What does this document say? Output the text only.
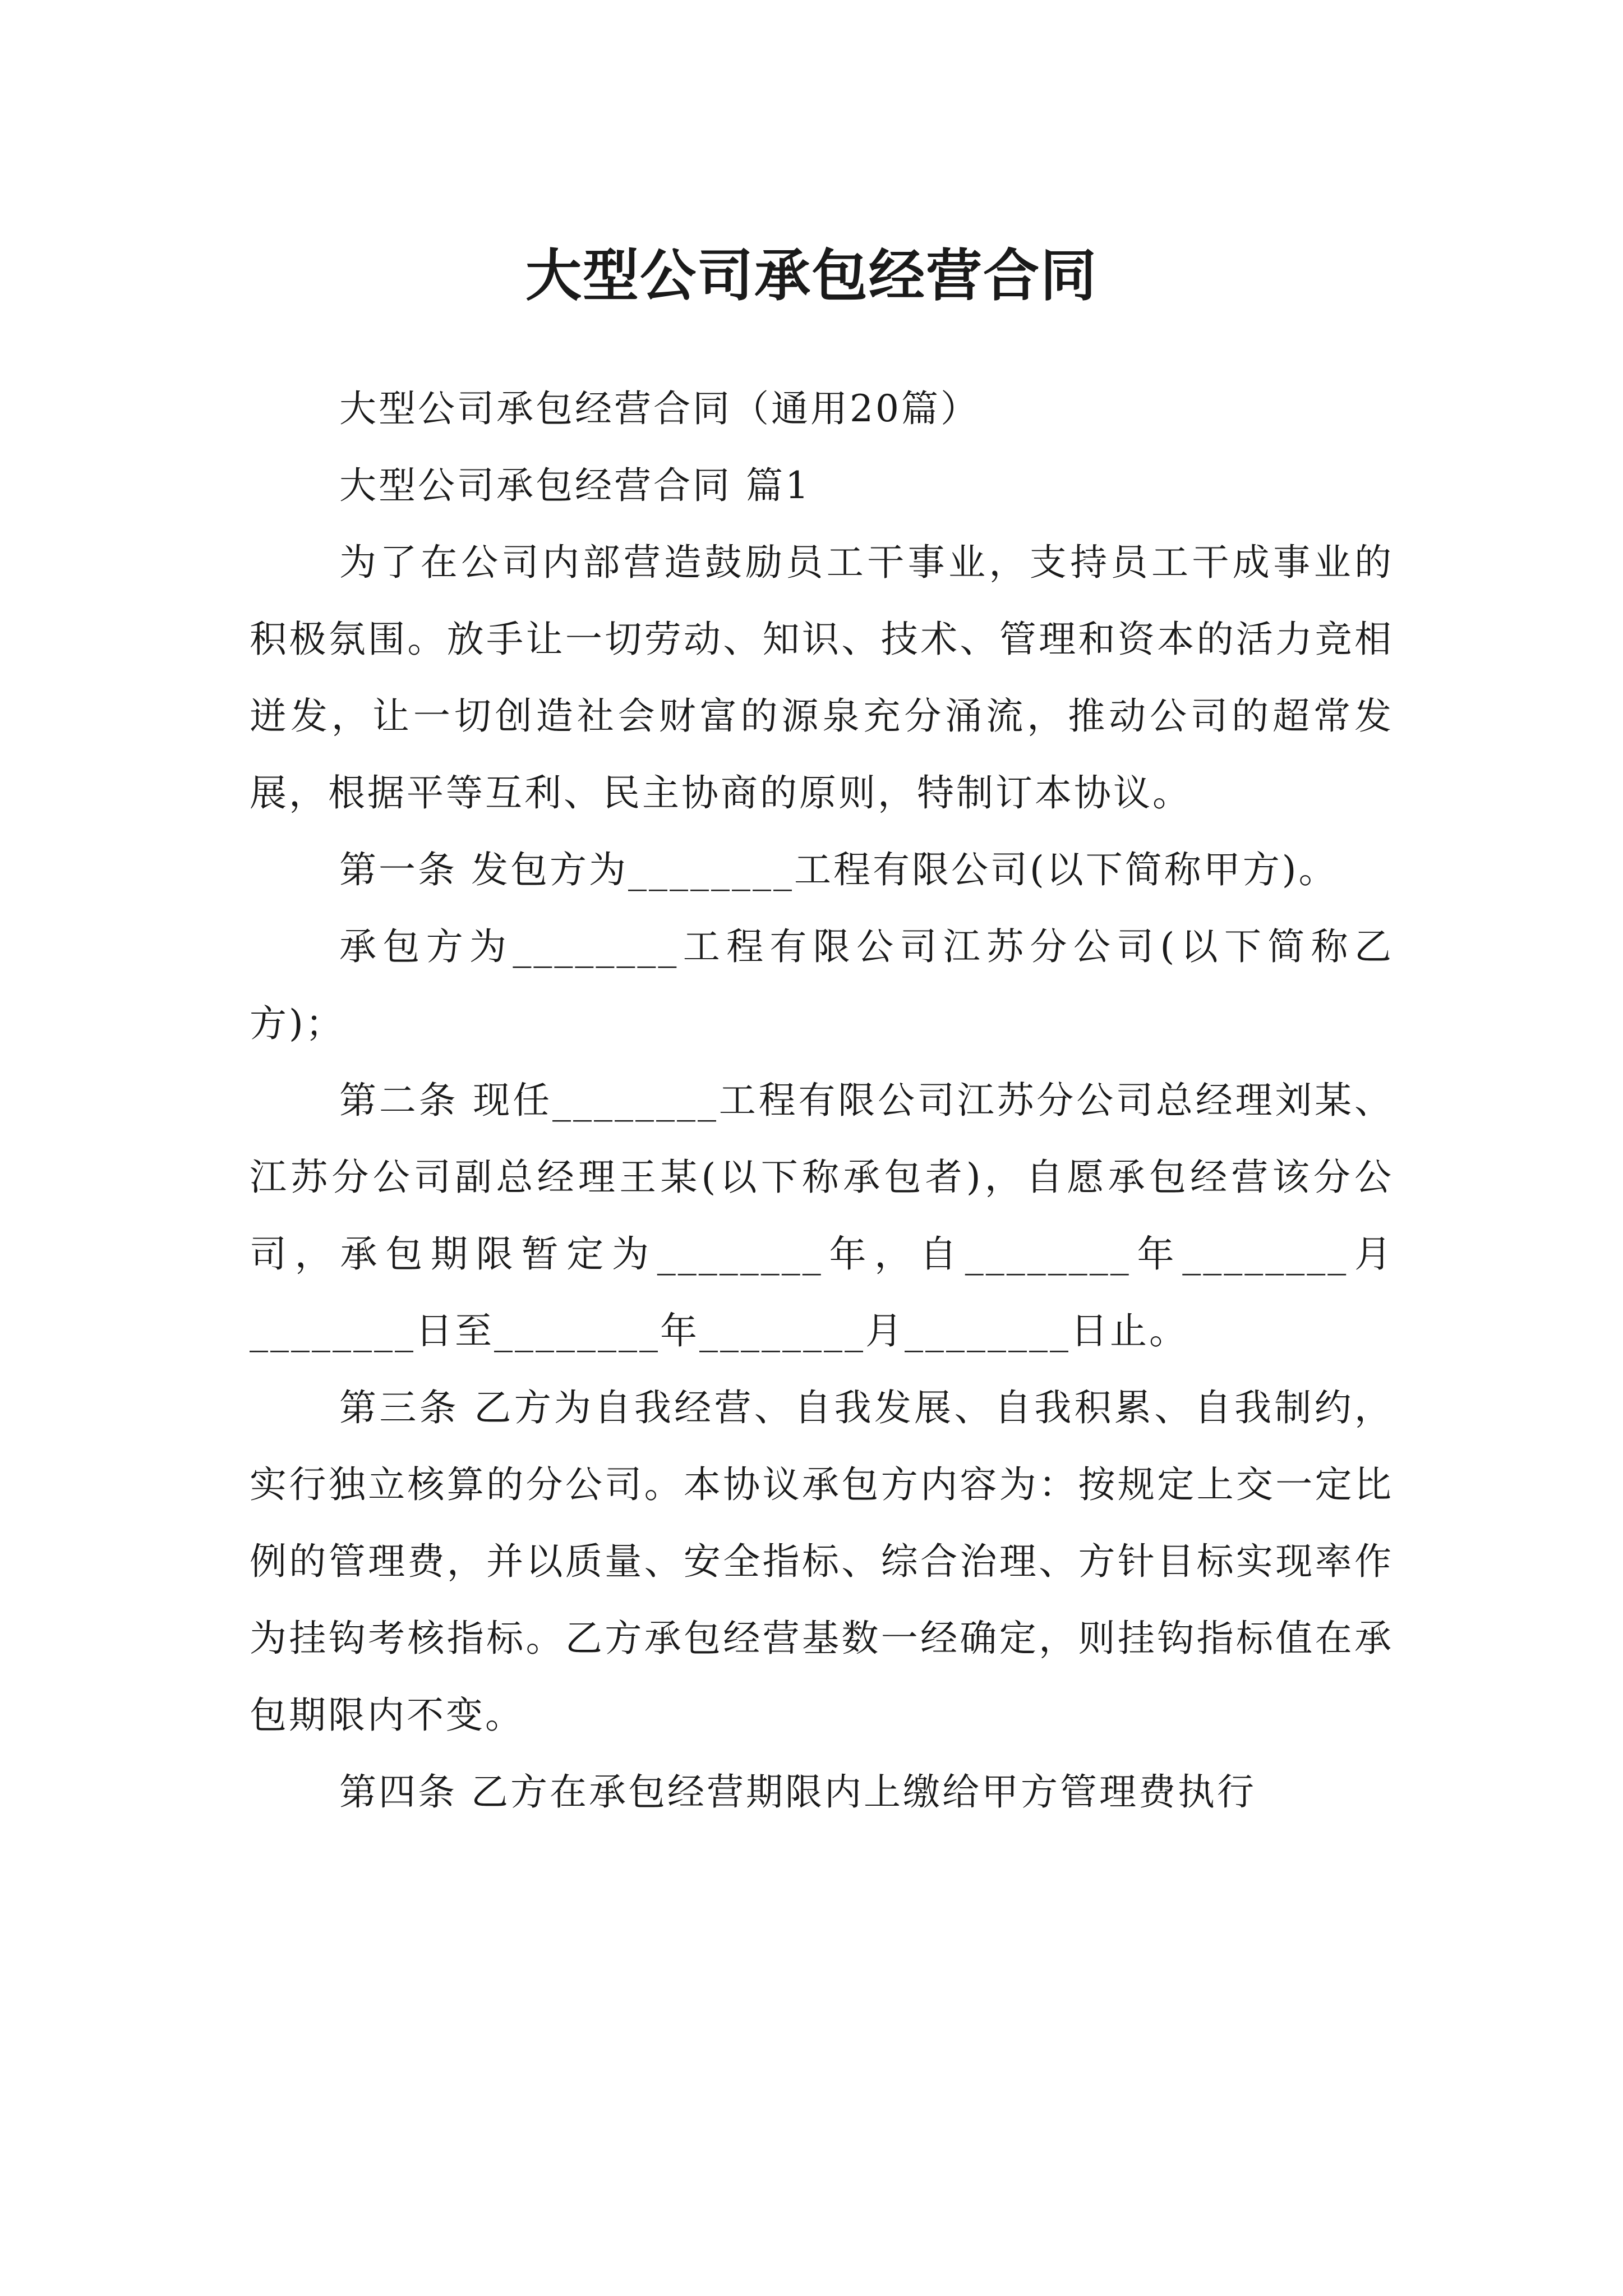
大型公司承包经营合同

大型公司承包经营合同（通用20篇）

大型公司承包经营合同 篇1

为了在公司内部营造鼓励员工干事业，支持员工干成事业的积极氛围。放手让一切劳动、知识、技术、管理和资本的活力竞相迸发，让一切创造社会财富的源泉充分涌流，推动公司的超常发展，根据平等互利、民主协商的原则，特制订本协议。

第一条 发包方为________工程有限公司(以下简称甲方)。

承包方为________工程有限公司江苏分公司(以下简称乙方)；

第二条 现任________工程有限公司江苏分公司总经理刘某、江苏分公司副总经理王某(以下称承包者)，自愿承包经营该分公司，承包期限暂定为________年，自________年________月________日至________年________月________日止。

第三条 乙方为自我经营、自我发展、自我积累、自我制约，实行独立核算的分公司。本协议承包方内容为：按规定上交一定比例的管理费，并以质量、安全指标、综合治理、方针目标实现率作为挂钩考核指标。乙方承包经营基数一经确定，则挂钩指标值在承包期限内不变。

第四条 乙方在承包经营期限内上缴给甲方管理费执行
